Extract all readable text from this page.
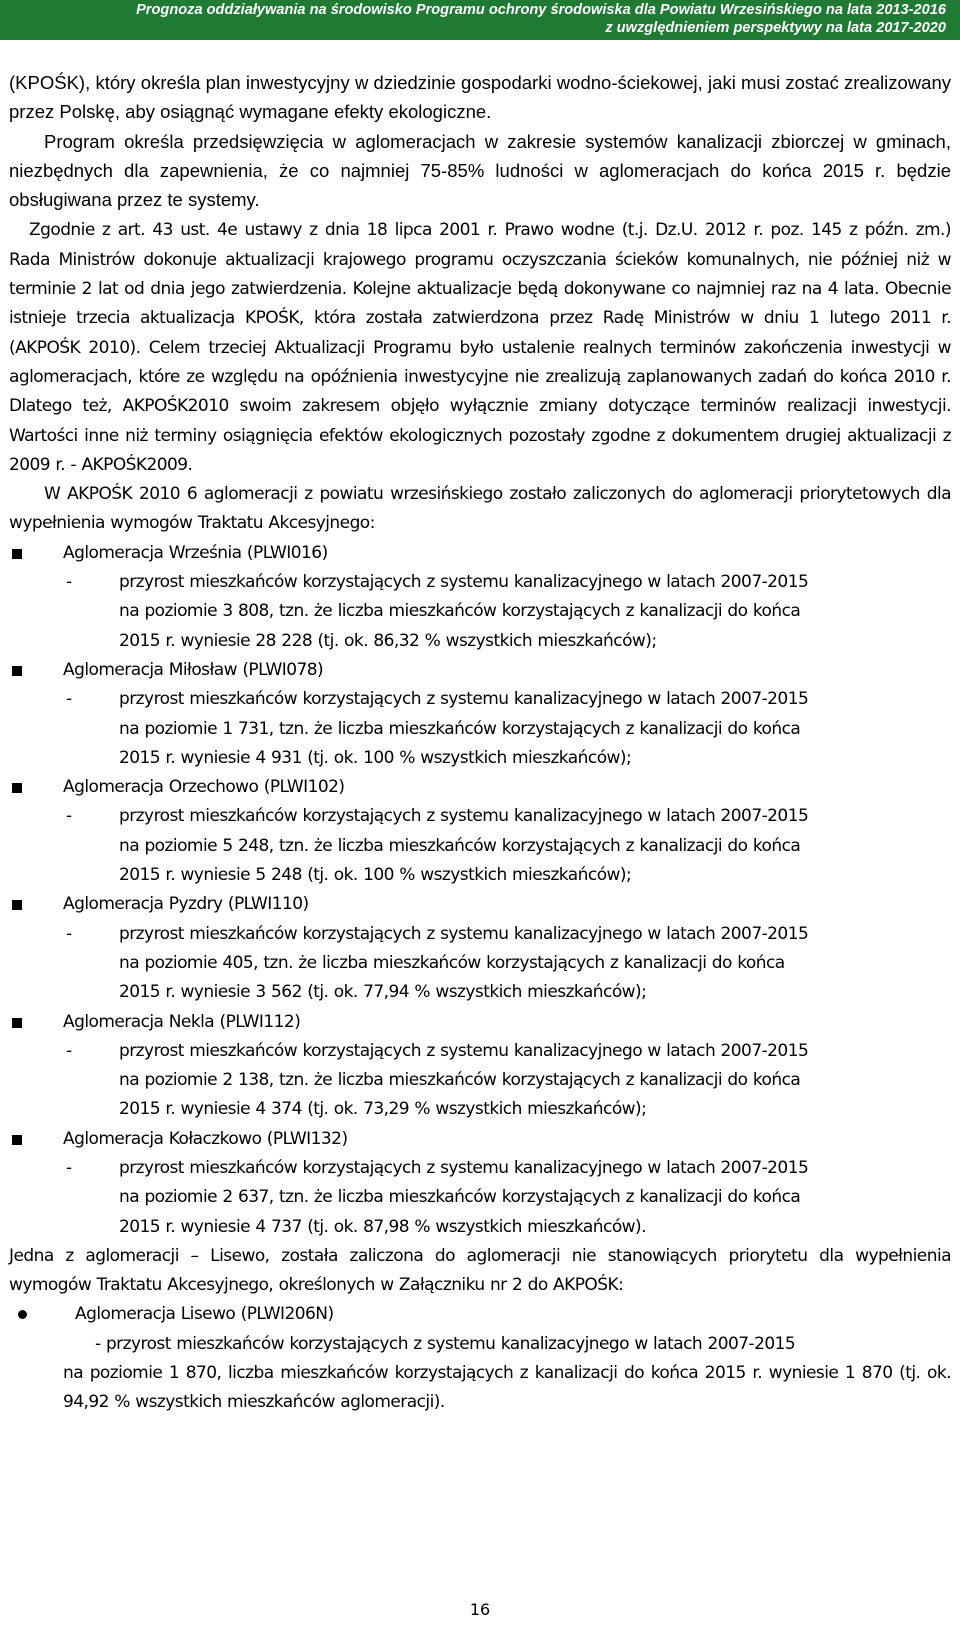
Prognoza oddziaływania na środowisko Programu ochrony środowiska dla Powiatu Wrzesińskiego na lata 2013-2016
z uwzględnieniem perspektywy na lata 2017-2020

(KPOŚK), który określa plan inwestycyjny w dziedzinie gospodarki wodno-ściekowej, jaki musi zostać zrealizowany przez Polskę, aby osiągnąć wymagane efekty ekologiczne.

Program określa przedsięwzięcia w aglomeracjach w zakresie systemów kanalizacji zbiorczej w gminach, niezbędnych dla zapewnienia, że co najmniej 75-85% ludności w aglomeracjach do końca 2015 r. będzie obsługiwana przez te systemy.

Zgodnie z art. 43 ust. 4e ustawy z dnia 18 lipca 2001 r. Prawo wodne (t.j. Dz.U. 2012 r. poz. 145 z późn. zm.) Rada Ministrów dokonuje aktualizacji krajowego programu oczyszczania ścieków komunalnych, nie później niż w terminie 2 lat od dnia jego zatwierdzenia. Kolejne aktualizacje będą dokonywane co najmniej raz na 4 lata. Obecnie istnieje trzecia aktualizacja KPOŚK, która została zatwierdzona przez Radę Ministrów w dniu 1 lutego 2011 r. (AKPOŚK 2010). Celem trzeciej Aktualizacji Programu było ustalenie realnych terminów zakończenia inwestycji w aglomeracjach, które ze względu na opóźnienia inwestycyjne nie zrealizują zaplanowanych zadań do końca 2010 r. Dlatego też, AKPOŚK2010 swoim zakresem objęło wyłącznie zmiany dotyczące terminów realizacji inwestycji. Wartości inne niż terminy osiągnięcia efektów ekologicznych pozostały zgodne z dokumentem drugiej aktualizacji z 2009 r. - AKPOŚK2009.

W AKPOŚK 2010 6 aglomeracji z powiatu wrzesińskiego zostało zaliczonych do aglomeracji priorytetowych dla wypełnienia wymogów Traktatu Akcesyjnego:

Aglomeracja Września (PLWI016)
-	przyrost mieszkańców korzystających z systemu kanalizacyjnego w latach 2007-2015
na poziomie 3 808, tzn. że liczba mieszkańców korzystających z kanalizacji do końca
2015 r. wyniesie 28 228 (tj. ok. 86,32 % wszystkich mieszkańców);
Aglomeracja Miłosław (PLWI078)
-	przyrost mieszkańców korzystających z systemu kanalizacyjnego w latach 2007-2015
na poziomie 1 731, tzn. że liczba mieszkańców korzystających z kanalizacji do końca
2015 r. wyniesie 4 931 (tj. ok. 100 % wszystkich mieszkańców);
Aglomeracja Orzechowo (PLWI102)
-	przyrost mieszkańców korzystających z systemu kanalizacyjnego w latach 2007-2015
na poziomie 5 248, tzn. że liczba mieszkańców korzystających z kanalizacji do końca
2015 r. wyniesie 5 248 (tj. ok. 100 % wszystkich mieszkańców);
Aglomeracja Pyzdry (PLWI110)
-	przyrost mieszkańców korzystających z systemu kanalizacyjnego w latach 2007-2015
na poziomie 405, tzn. że liczba mieszkańców korzystających z kanalizacji do końca
2015 r. wyniesie 3 562 (tj. ok. 77,94 % wszystkich mieszkańców);
Aglomeracja Nekla (PLWI112)
-	przyrost mieszkańców korzystających z systemu kanalizacyjnego w latach 2007-2015
na poziomie 2 138, tzn. że liczba mieszkańców korzystających z kanalizacji do końca
2015 r. wyniesie 4 374 (tj. ok. 73,29 % wszystkich mieszkańców);
Aglomeracja Kołaczkowo (PLWI132)
-	przyrost mieszkańców korzystających z systemu kanalizacyjnego w latach 2007-2015
na poziomie 2 637, tzn. że liczba mieszkańców korzystających z kanalizacji do końca
2015 r. wyniesie 4 737 (tj. ok. 87,98 % wszystkich mieszkańców).

Jedna z aglomeracji – Lisewo, została zaliczona do aglomeracji nie stanowiących priorytetu dla wypełnienia wymogów Traktatu Akcesyjnego, określonych w Załączniku nr 2 do AKPOŚK:

Aglomeracja Lisewo (PLWI206N)
- przyrost mieszkańców korzystających z systemu kanalizacyjnego w latach 2007-2015
na poziomie 1 870, liczba mieszkańców korzystających z kanalizacji do końca 2015 r. wyniesie 1 870 (tj. ok. 94,92 % wszystkich mieszkańców aglomeracji).
16
